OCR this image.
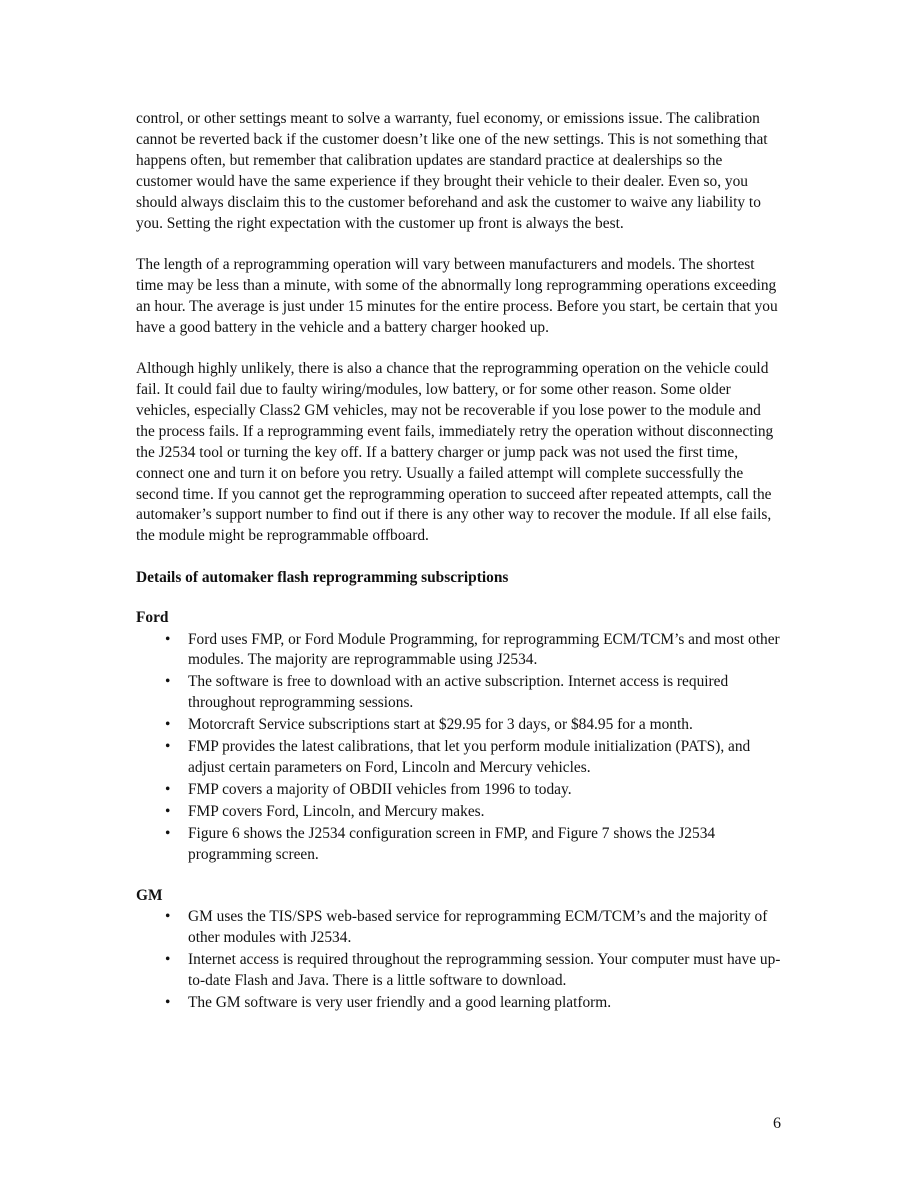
control, or other settings meant to solve a warranty, fuel economy, or emissions issue. The calibration cannot be reverted back if the customer doesn’t like one of the new settings. This is not something that happens often, but remember that calibration updates are standard practice at dealerships so the customer would have the same experience if they brought their vehicle to their dealer. Even so, you should always disclaim this to the customer beforehand and ask the customer to waive any liability to you. Setting the right expectation with the customer up front is always the best.

The length of a reprogramming operation will vary between manufacturers and models. The shortest time may be less than a minute, with some of the abnormally long reprogramming operations exceeding an hour. The average is just under 15 minutes for the entire process. Before you start, be certain that you have a good battery in the vehicle and a battery charger hooked up.

Although highly unlikely, there is also a chance that the reprogramming operation on the vehicle could fail. It could fail due to faulty wiring/modules, low battery, or for some other reason. Some older vehicles, especially Class2 GM vehicles, may not be recoverable if you lose power to the module and the process fails. If a reprogramming event fails, immediately retry the operation without disconnecting the J2534 tool or turning the key off. If a battery charger or jump pack was not used the first time, connect one and turn it on before you retry. Usually a failed attempt will complete successfully the second time. If you cannot get the reprogramming operation to succeed after repeated attempts, call the automaker’s support number to find out if there is any other way to recover the module. If all else fails, the module might be reprogrammable offboard.

Details of automaker flash reprogramming subscriptions

Ford

• Ford uses FMP, or Ford Module Programming, for reprogramming ECM/TCM’s and most other modules. The majority are reprogrammable using J2534.
• The software is free to download with an active subscription. Internet access is required throughout reprogramming sessions.
• Motorcraft Service subscriptions start at $29.95 for 3 days, or $84.95 for a month.
• FMP provides the latest calibrations, that let you perform module initialization (PATS), and adjust certain parameters on Ford, Lincoln and Mercury vehicles.
• FMP covers a majority of OBDII vehicles from 1996 to today.
• FMP covers Ford, Lincoln, and Mercury makes.
• Figure 6 shows the J2534 configuration screen in FMP, and Figure 7 shows the J2534 programming screen.

GM

• GM uses the TIS/SPS web-based service for reprogramming ECM/TCM’s and the majority of other modules with J2534.
• Internet access is required throughout the reprogramming session. Your computer must have up-to-date Flash and Java. There is a little software to download.
• The GM software is very user friendly and a good learning platform.
6
